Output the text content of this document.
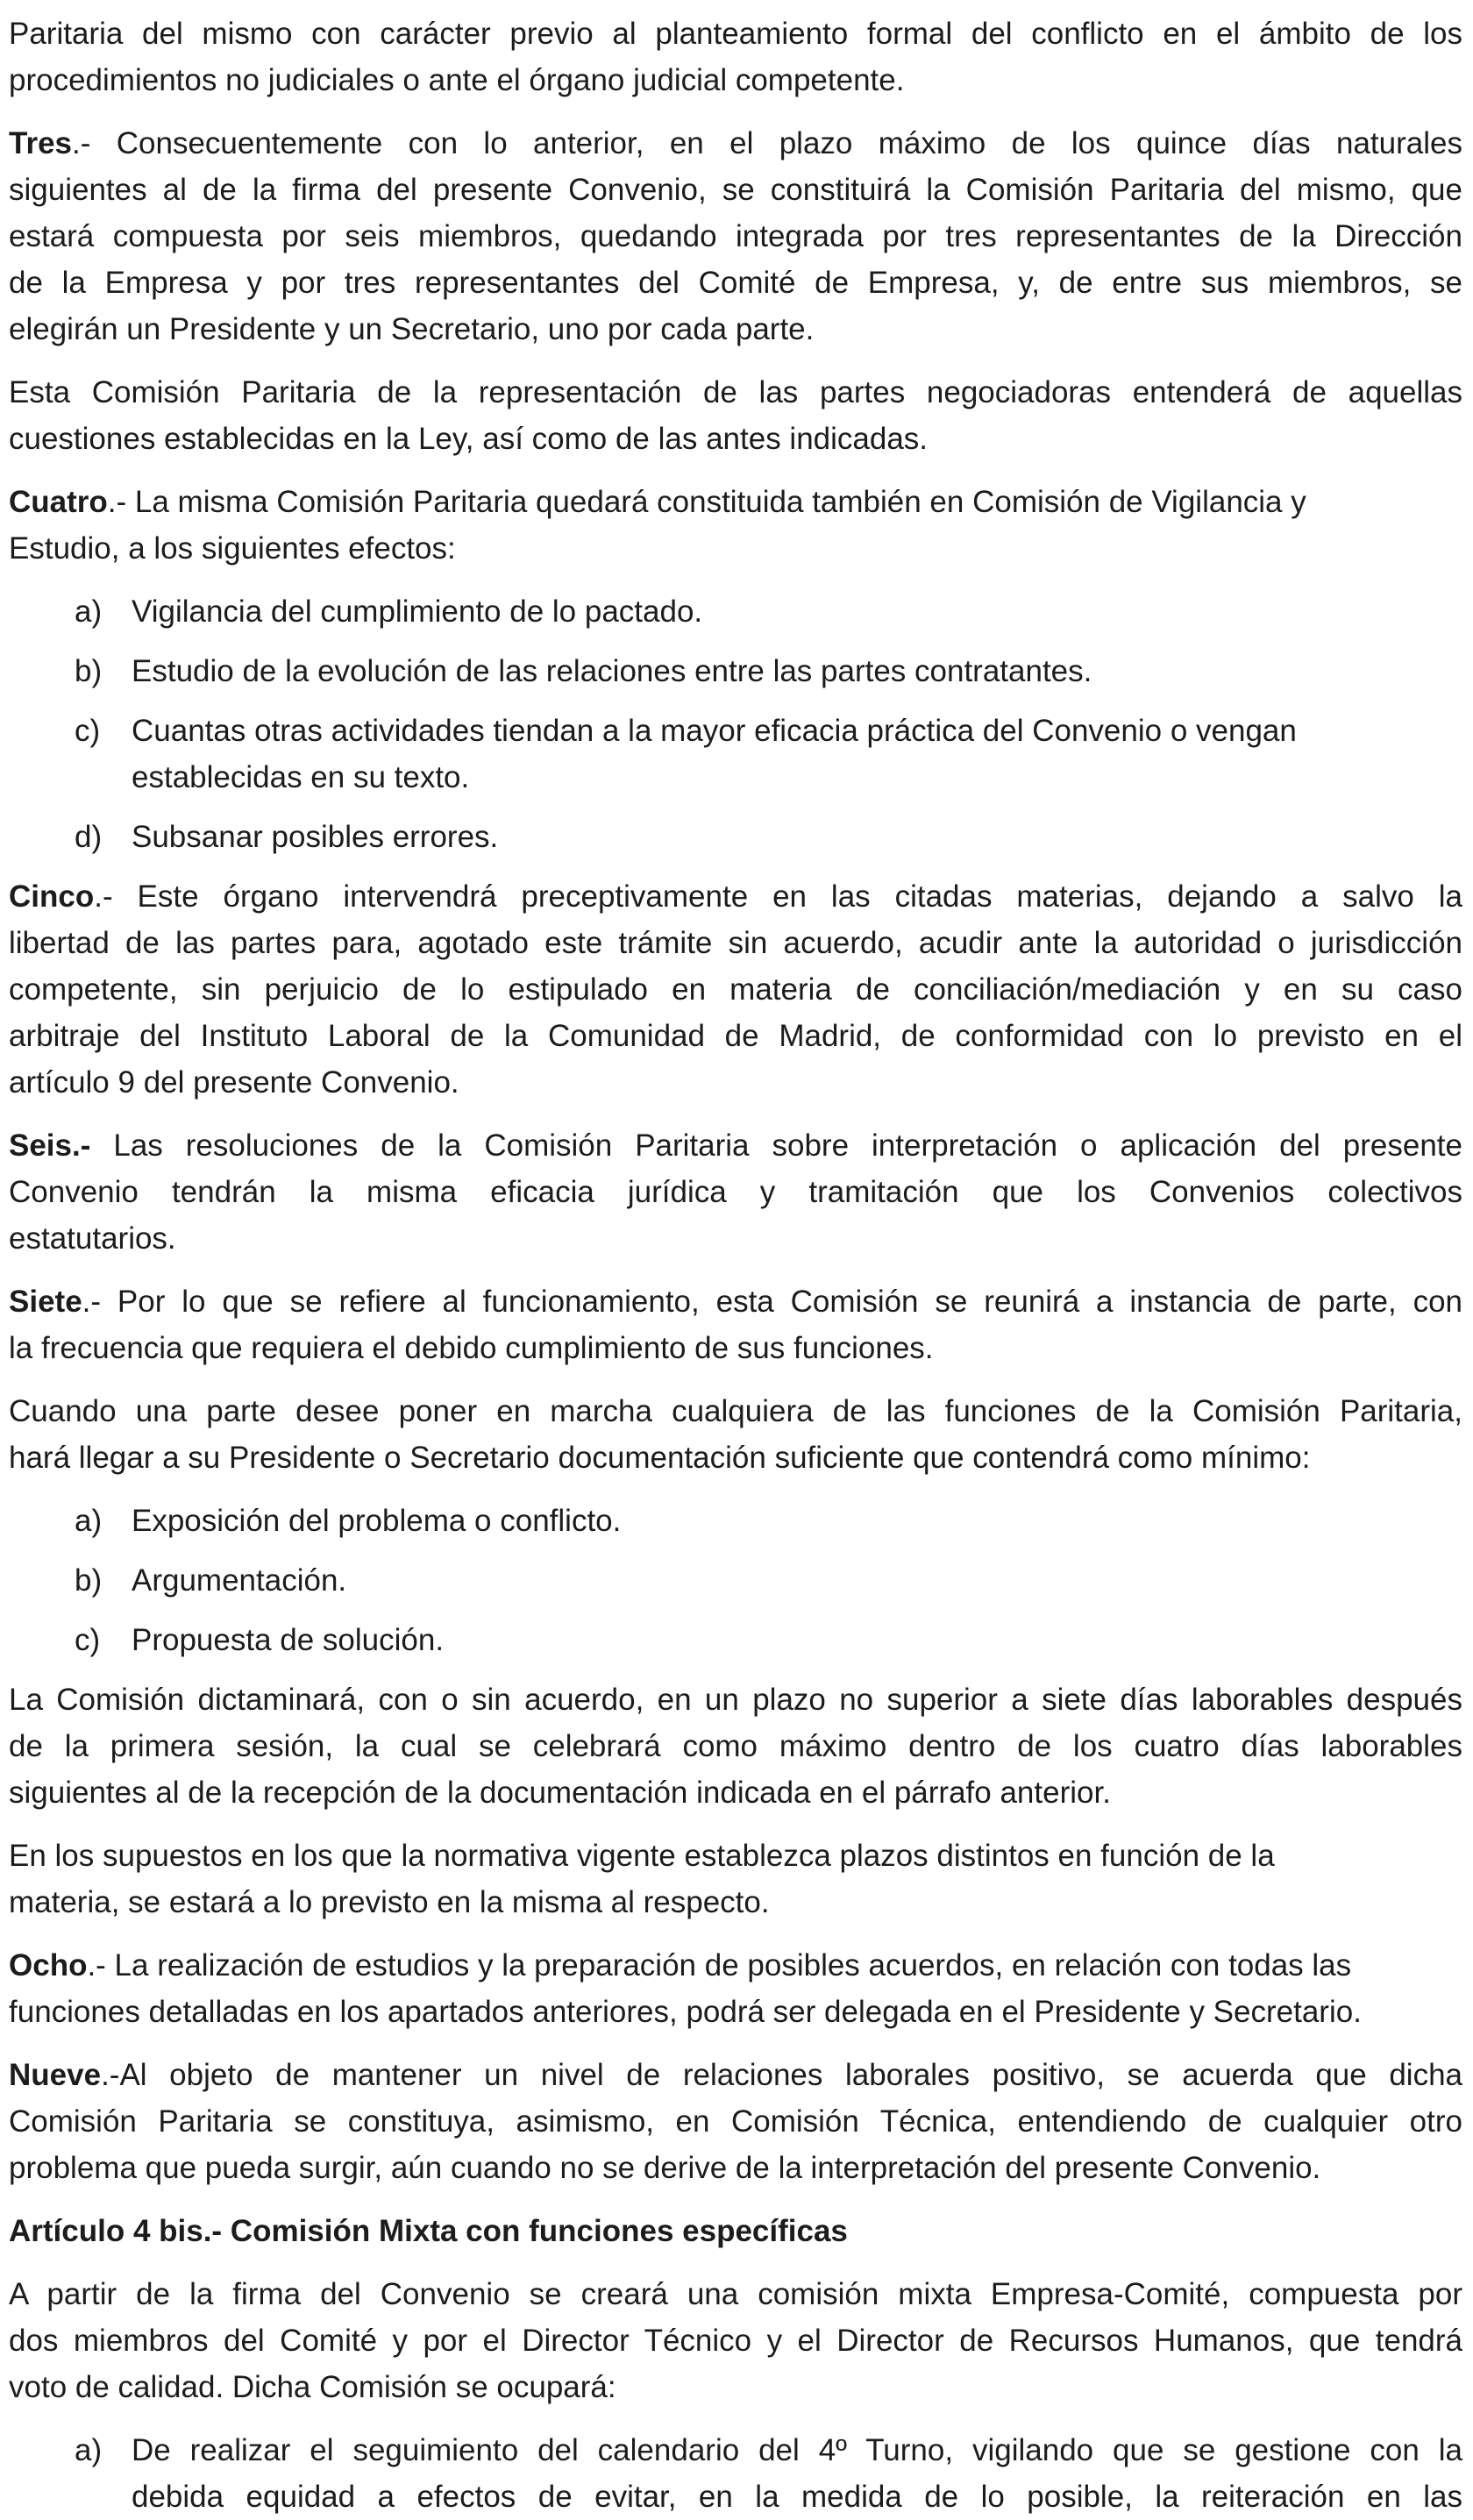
Paritaria del mismo con carácter previo al planteamiento formal del conflicto en el ámbito de los
procedimientos no judiciales o ante el órgano judicial competente.
Tres.- Consecuentemente con lo anterior, en el plazo máximo de los quince días naturales
siguientes al de la firma del presente Convenio, se constituirá la Comisión Paritaria del mismo, que
estará compuesta por seis miembros, quedando integrada por tres representantes de la Dirección
de la Empresa y por tres representantes del Comité de Empresa, y, de entre sus miembros, se
elegirán un Presidente y un Secretario, uno por cada parte.
Esta Comisión Paritaria de la representación de las partes negociadoras entenderá de aquellas
cuestiones establecidas en la Ley, así como de las antes indicadas.
Cuatro.- La misma Comisión Paritaria quedará constituida también en Comisión de Vigilancia y
Estudio, a los siguientes efectos:
a) Vigilancia del cumplimiento de lo pactado.
b) Estudio de la evolución de las relaciones entre las partes contratantes.
c) Cuantas otras actividades tiendan a la mayor eficacia práctica del Convenio o vengan
establecidas en su texto.
d) Subsanar posibles errores.
Cinco.- Este órgano intervendrá preceptivamente en las citadas materias, dejando a salvo la
libertad de las partes para, agotado este trámite sin acuerdo, acudir ante la autoridad o jurisdicción
competente, sin perjuicio de lo estipulado en materia de conciliación/mediación y en su caso
arbitraje del Instituto Laboral de la Comunidad de Madrid, de conformidad con lo previsto en el
artículo 9 del presente Convenio.
Seis.- Las resoluciones de la Comisión Paritaria sobre interpretación o aplicación del presente
Convenio tendrán la misma eficacia jurídica y tramitación que los Convenios colectivos
estatutarios.
Siete.- Por lo que se refiere al funcionamiento, esta Comisión se reunirá a instancia de parte, con
la frecuencia que requiera el debido cumplimiento de sus funciones.
Cuando una parte desee poner en marcha cualquiera de las funciones de la Comisión Paritaria,
hará llegar a su Presidente o Secretario documentación suficiente que contendrá como mínimo:
a) Exposición del problema o conflicto.
b) Argumentación.
c) Propuesta de solución.
La Comisión dictaminará, con o sin acuerdo, en un plazo no superior a siete días laborables después
de la primera sesión, la cual se celebrará como máximo dentro de los cuatro días laborables
siguientes al de la recepción de la documentación indicada en el párrafo anterior.
En los supuestos en los que la normativa vigente establezca plazos distintos en función de la
materia, se estará a lo previsto en la misma al respecto.
Ocho.- La realización de estudios y la preparación de posibles acuerdos, en relación con todas las
funciones detalladas en los apartados anteriores, podrá ser delegada en el Presidente y Secretario.
Nueve.-Al objeto de mantener un nivel de relaciones laborales positivo, se acuerda que dicha
Comisión Paritaria se constituya, asimismo, en Comisión Técnica, entendiendo de cualquier otro
problema que pueda surgir, aún cuando no se derive de la interpretación del presente Convenio.
Artículo 4 bis.- Comisión Mixta con funciones específicas
A partir de la firma del Convenio se creará una comisión mixta Empresa-Comité, compuesta por
dos miembros del Comité y por el Director Técnico y el Director de Recursos Humanos, que tendrá
voto de calidad. Dicha Comisión se ocupará:
a) De realizar el seguimiento del calendario del 4º Turno, vigilando que se gestione con la
debida equidad a efectos de evitar, en la medida de lo posible, la reiteración en las
